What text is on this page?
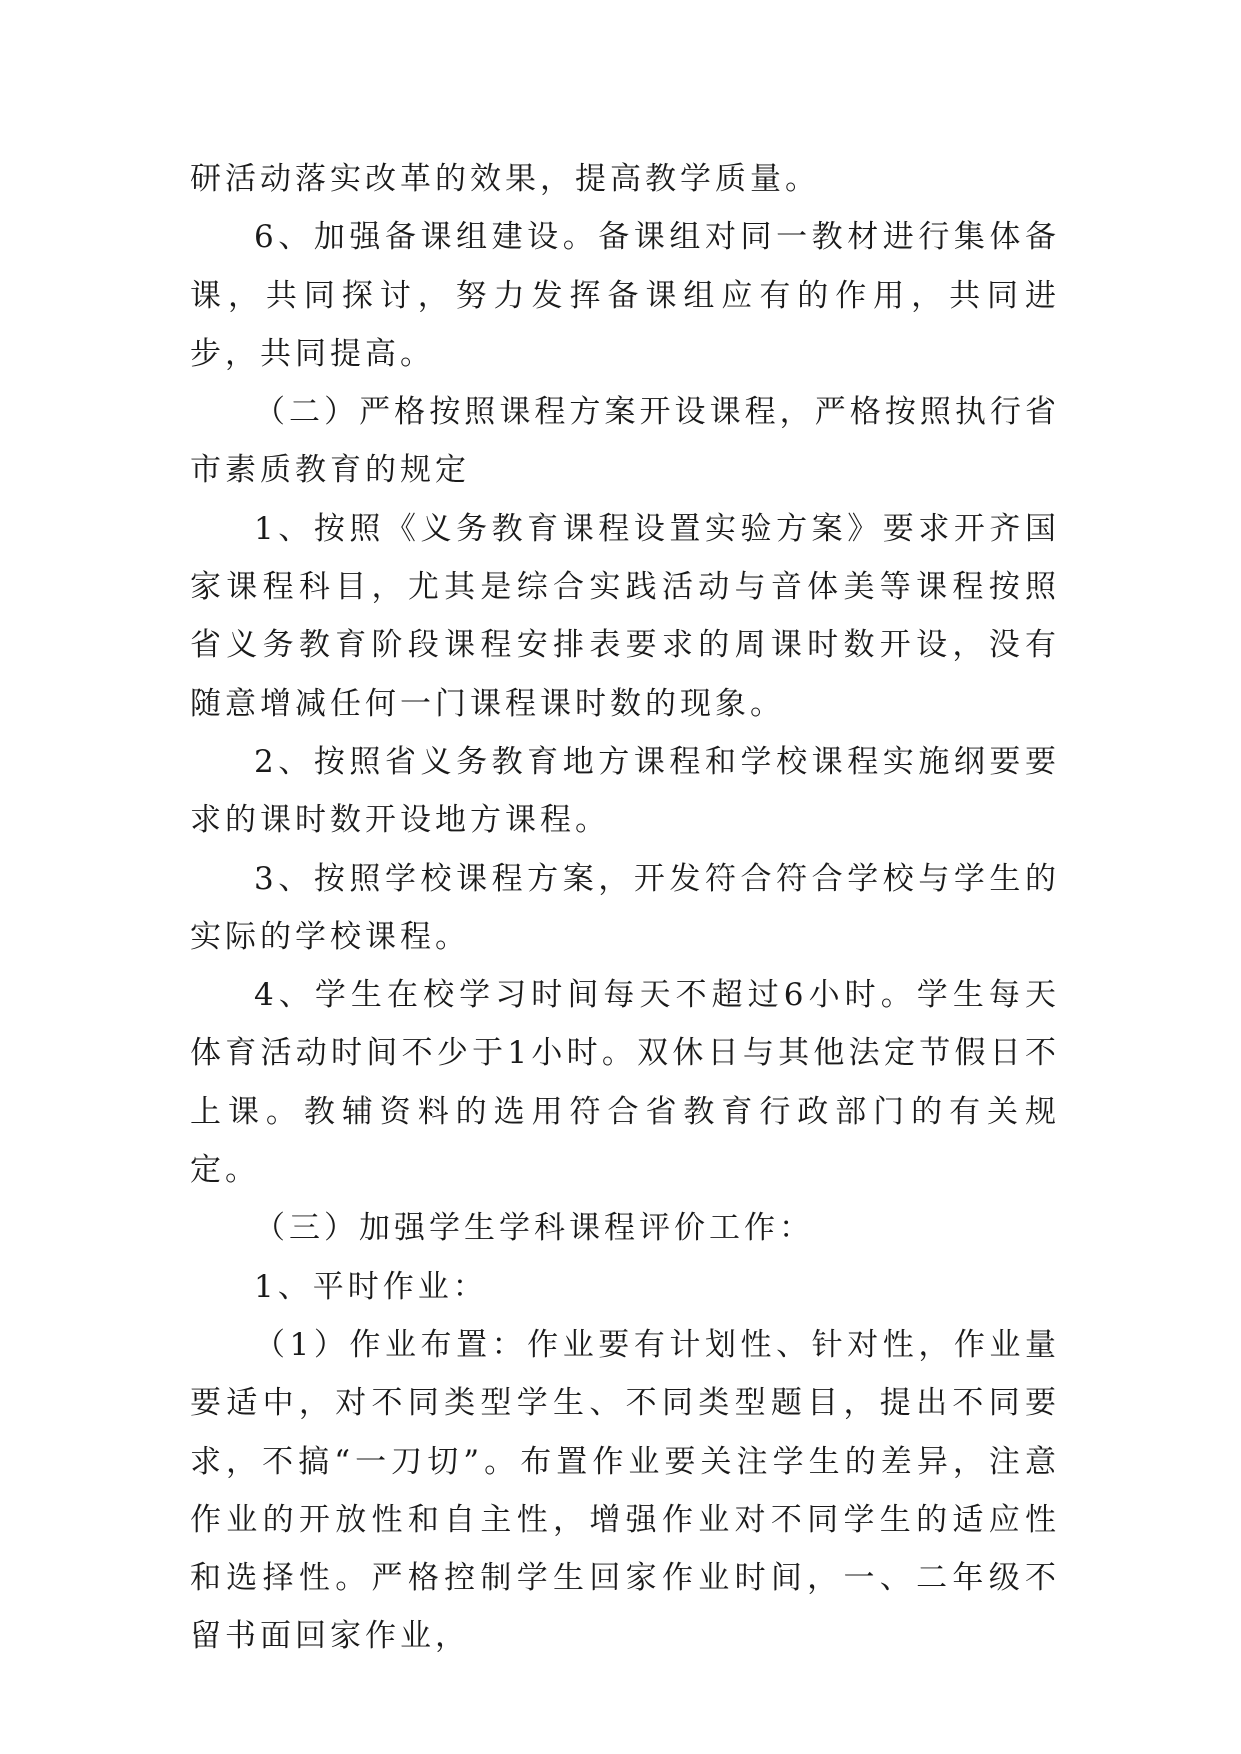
研活动落实改革的效果，提高教学质量。

6、加强备课组建设。备课组对同一教材进行集体备课，共同探讨，努力发挥备课组应有的作用，共同进步，共同提高。

（二）严格按照课程方案开设课程，严格按照执行省市素质教育的规定

1、按照《义务教育课程设置实验方案》要求开齐国家课程科目，尤其是综合实践活动与音体美等课程按照省义务教育阶段课程安排表要求的周课时数开设，没有随意增减任何一门课程课时数的现象。

2、按照省义务教育地方课程和学校课程实施纲要要求的课时数开设地方课程。

3、按照学校课程方案，开发符合符合学校与学生的实际的学校课程。

4、学生在校学习时间每天不超过6小时。学生每天体育活动时间不少于1小时。双休日与其他法定节假日不上课。教辅资料的选用符合省教育行政部门的有关规定。

（三）加强学生学科课程评价工作：

1、平时作业：

（1）作业布置：作业要有计划性、针对性，作业量要适中，对不同类型学生、不同类型题目，提出不同要求，不搞“一刀切”。布置作业要关注学生的差异，注意作业的开放性和自主性，增强作业对不同学生的适应性和选择性。严格控制学生回家作业时间，一、二年级不留书面回家作业，
